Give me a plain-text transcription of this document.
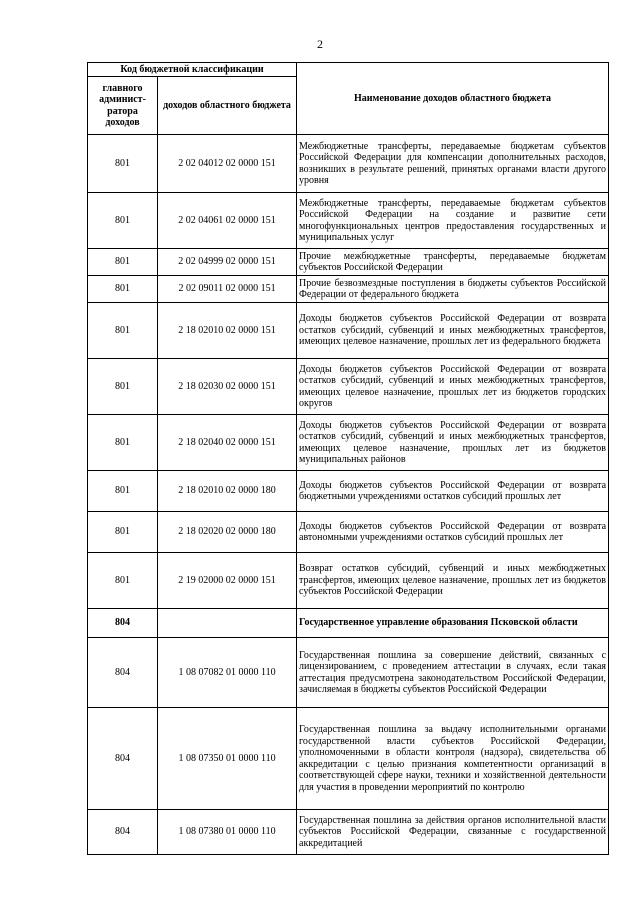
2
Код бюджетной классификации		Наименование доходов областного бюджета
главного админист-ратора доходов	доходов областного бюджета	
801	2 02 04012 02 0000 151	Межбюджетные трансферты, передаваемые бюджетам субъектов Российской Федерации для компенсации дополнительных расходов, возникших в результате решений, принятых органами власти другого уровня
801	2 02 04061 02 0000 151	Межбюджетные трансферты, передаваемые бюджетам субъектов Российской Федерации на создание и развитие сети многофункциональных центров предоставления государственных и муниципальных услуг
801	2 02 04999 02 0000 151	Прочие межбюджетные трансферты, передаваемые бюджетам субъектов Российской Федерации
801	2 02 09011 02 0000 151	Прочие безвозмездные поступления в бюджеты субъектов Российской Федерации от федерального бюджета
801	2 18 02010 02 0000 151	Доходы бюджетов субъектов Российской Федерации от возврата остатков субсидий, субвенций и иных межбюджетных трансфертов, имеющих целевое назначение, прошлых лет из федерального бюджета
801	2 18 02030 02 0000 151	Доходы бюджетов субъектов Российской Федерации от возврата остатков субсидий, субвенций и иных межбюджетных трансфертов, имеющих целевое назначение, прошлых лет из бюджетов городских округов
801	2 18 02040 02 0000 151	Доходы бюджетов субъектов Российской Федерации от возврата остатков субсидий, субвенций и иных межбюджетных трансфертов, имеющих целевое назначение, прошлых лет из бюджетов муниципальных районов
801	2 18 02010 02 0000 180	Доходы бюджетов субъектов Российской Федерации от возврата бюджетными учреждениями остатков субсидий прошлых лет
801	2 18 02020 02 0000 180	Доходы бюджетов субъектов Российской Федерации от возврата автономными учреждениями остатков субсидий прошлых лет
801	2 19 02000 02 0000 151	Возврат остатков субсидий, субвенций и иных межбюджетных трансфертов, имеющих целевое назначение, прошлых лет из бюджетов субъектов Российской Федерации
804		Государственное управление образования Псковской области
804	1 08 07082 01 0000 110	Государственная пошлина за совершение действий, связанных с лицензированием, с проведением аттестации в случаях, если такая аттестация предусмотрена законодательством Российской Федерации, зачисляемая в бюджеты субъектов Российской Федерации
804	1 08 07350 01 0000 110	Государственная пошлина за выдачу исполнительными органами государственной власти субъектов Российской Федерации, уполномоченными в области контроля (надзора), свидетельства об аккредитации с целью признания компетентности организаций в соответствующей сфере науки, техники и хозяйственной деятельности для участия в проведении мероприятий по контролю
804	1 08 07380 01 0000 110	Государственная пошлина за действия органов исполнительной власти субъектов Российской Федерации, связанные с государственной аккредитацией
